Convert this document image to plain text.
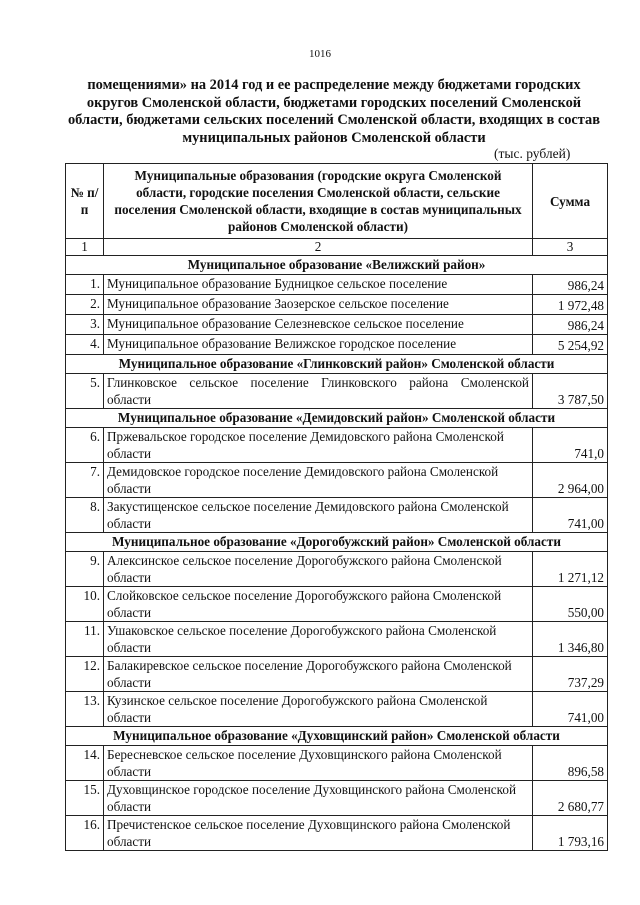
1016
помещениями» на 2014 год и ее распределение между бюджетами городских округов Смоленской области, бюджетами городских поселений Смоленской области, бюджетами сельских поселений Смоленской области, входящих в состав муниципальных районов Смоленской области
(тыс. рублей)
№ п/п	Муниципальные образования (городские округа Смоленской области, городские поселения Смоленской области, сельские поселения Смоленской области, входящие в состав муниципальных районов Смоленской области)	Сумма
1	2	3
Муниципальное образование «Велижский район»		
1.	Муниципальное образование Будницкое сельское поселение	986,24
2.	Муниципальное образование Заозерское сельское поселение	1 972,48
3.	Муниципальное образование Селезневское сельское поселение	986,24
4.	Муниципальное образование Велижское городское поселение	5 254,92
Муниципальное образование «Глинковский район» Смоленской области		
5.	Глинковское сельское поселение Глинковского района Смоленской области	3 787,50
Муниципальное образование «Демидовский район» Смоленской области		
6.	Пржевальское городское поселение Демидовского района Смоленской области	741,0
7.	Демидовское городское поселение Демидовского района Смоленской области	2 964,00
8.	Закустищенское сельское поселение Демидовского района Смоленской области	741,00
Муниципальное образование «Дорогобужский район» Смоленской области		
9.	Алексинское сельское поселение Дорогобужского района Смоленской области	1 271,12
10.	Слойковское сельское поселение Дорогобужского района Смоленской области	550,00
11.	Ушаковское сельское поселение Дорогобужского района Смоленской области	1 346,80
12.	Балакиревское сельское поселение Дорогобужского района Смоленской области	737,29
13.	Кузинское сельское поселение Дорогобужского района Смоленской области	741,00
Муниципальное образование «Духовщинский район» Смоленской области		
14.	Бересневское сельское поселение Духовщинского района Смоленской области	896,58
15.	Духовщинское городское поселение Духовщинского района Смоленской области	2 680,77
16.	Пречистенское сельское поселение Духовщинского района Смоленской области	1 793,16
